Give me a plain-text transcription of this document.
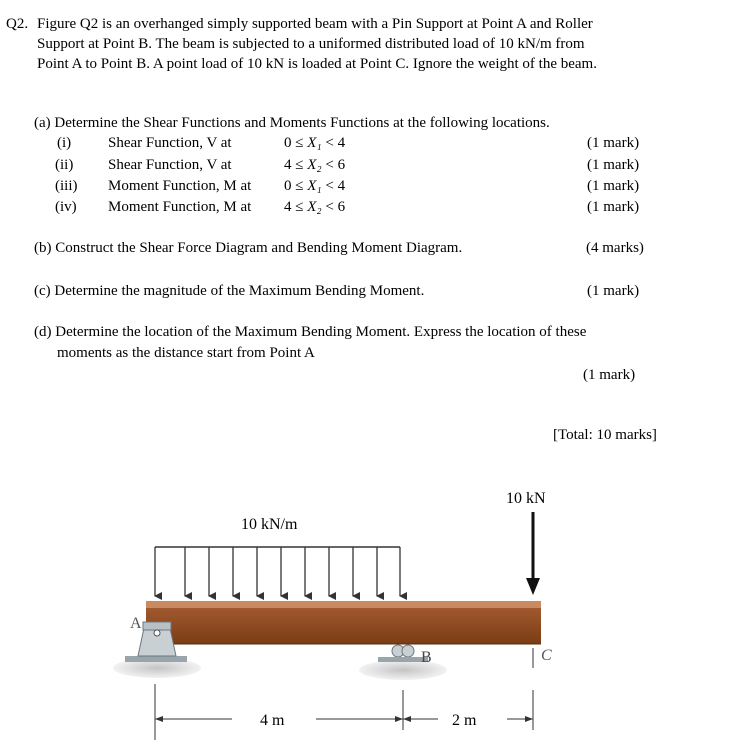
Q2. Figure Q2 is an overhanged simply supported beam with a Pin Support at Point A and Roller
Support at Point B. The beam is subjected to a uniformed distributed load of 10 kN/m from
Point A to Point B. A point load of 10 kN is loaded at Point C. Ignore the weight of the beam.
(a) Determine the Shear Functions and Moments Functions at the following locations.
(i) Shear Function, V at	0 ≤ X₁ < 4	(1 mark)
(ii) Shear Function, V at	4 ≤ X₂ < 6	(1 mark)
(iii) Moment Function, M at 0 ≤ X₁ < 4	(1 mark)
(iv) Moment Function, M at 4 ≤ X₂ < 6	(1 mark)
(b) Construct the Shear Force Diagram and Bending Moment Diagram.	(4 marks)
(c) Determine the magnitude of the Maximum Bending Moment.	(1 mark)
(d) Determine the location of the Maximum Bending Moment. Express the location of these
moments as the distance start from Point A
(1 mark)
[Total: 10 marks]
10 kN
10 kN/m
A
B	C
4 m	2 m
